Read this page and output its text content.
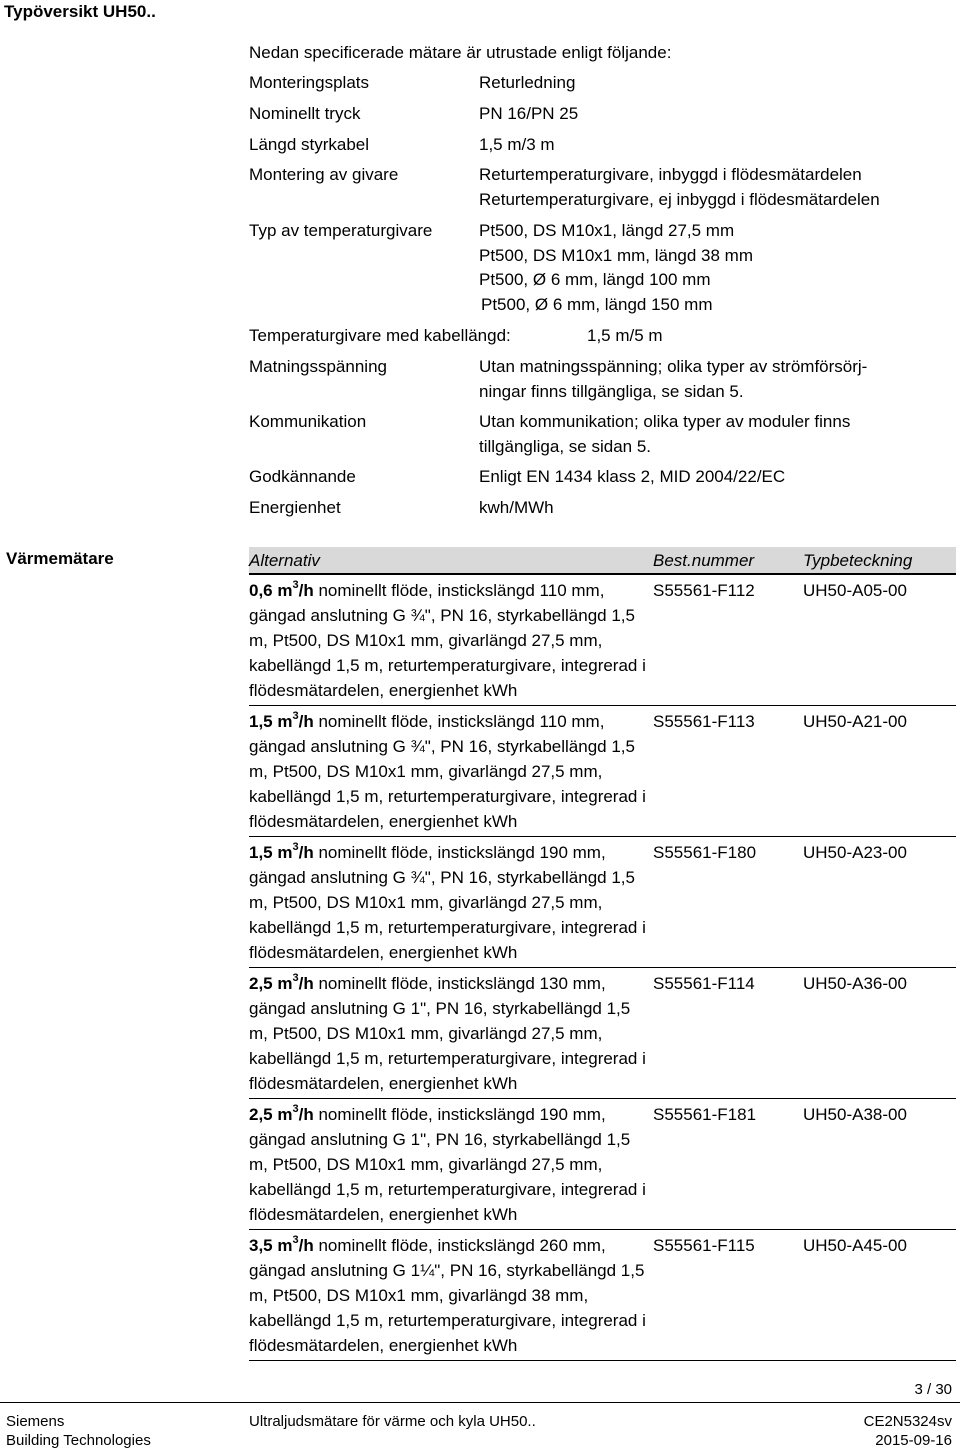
Typöversikt UH50..
Nedan specificerade mätare är utrustade enligt följande:
Monteringsplats	Returledning
Nominellt tryck	PN 16/PN 25
Längd styrkabel	1,5 m/3 m
Montering av givare	Returtemperaturgivare, inbyggd i flödesmätardelen
Returtemperaturgivare, ej inbyggd i flödesmätardelen
Typ av temperaturgivare	Pt500, DS M10x1, längd 27,5 mm
Pt500, DS M10x1 mm, längd 38 mm
Pt500, Ø 6 mm, längd 100 mm
Pt500, Ø 6 mm, längd 150 mm
Temperaturgivare med kabellängd:	1,5 m/5 m
Matningsspänning	Utan matningsspänning; olika typer av strömförsörj-
ningar finns tillgängliga, se sidan 5.
Kommunikation	Utan kommunikation; olika typer av moduler finns
tillgängliga, se sidan 5.
Godkännande	Enligt EN 1434 klass 2, MID 2004/22/EC
Energienhet	kwh/MWh
Värmemätare	Alternativ	Best.nummer	Typbeteckning
0,6 $m^3/h$ nominellt flöde, instickslängd 110 mm, gängad anslutning G ¾", PN 16, styrkabellängd 1,5 m, Pt500, DS M10x1 mm, givarlängd 27,5 mm, kabellängd 1,5 m, returtemperaturgivare, integrerad i flödesmätardelen, energienhet kWh	S55561-F112	UH50-A05-00
1,5 $m^3/h$ nominellt flöde, instickslängd 110 mm, gängad anslutning G ¾", PN 16, styrkabellängd 1,5 m, Pt500, DS M10x1 mm, givarlängd 27,5 mm, kabellängd 1,5 m, returtemperaturgivare, integrerad i flödesmätardelen, energienhet kWh	S55561-F113	UH50-A21-00
1,5 $m^3/h$ nominellt flöde, instickslängd 190 mm, gängad anslutning G ¾", PN 16, styrkabellängd 1,5 m, Pt500, DS M10x1 mm, givarlängd 27,5 mm, kabellängd 1,5 m, returtemperaturgivare, integrerad i flödesmätardelen, energienhet kWh	S55561-F180	UH50-A23-00
2,5 $m^3/h$ nominellt flöde, instickslängd 130 mm, gängad anslutning G 1", PN 16, styrkabellängd 1,5 m, Pt500, DS M10x1 mm, givarlängd 27,5 mm, kabellängd 1,5 m, returtemperaturgivare, integrerad i flödesmätardelen, energienhet kWh	S55561-F114	UH50-A36-00
2,5 $m^3/h$ nominellt flöde, instickslängd 190 mm, gängad anslutning G 1", PN 16, styrkabellängd 1,5 m, Pt500, DS M10x1 mm, givarlängd 27,5 mm, kabellängd 1,5 m, returtemperaturgivare, integrerad i flödesmätardelen, energienhet kWh	S55561-F181	UH50-A38-00
3,5 $m^3/h$ nominellt flöde, instickslängd 260 mm, gängad anslutning G 1¼", PN 16, styrkabellängd 1,5 m, Pt500, DS M10x1 mm, givarlängd 38 mm, kabellängd 1,5 m, returtemperaturgivare, integrerad i flödesmätardelen, energienhet kWh	S55561-F115	UH50-A45-00
3 / 30
Siemens
Building Technologies
Ultraljudsmätare för värme och kyla UH50..	CE2N5324sv
2015-09-16
